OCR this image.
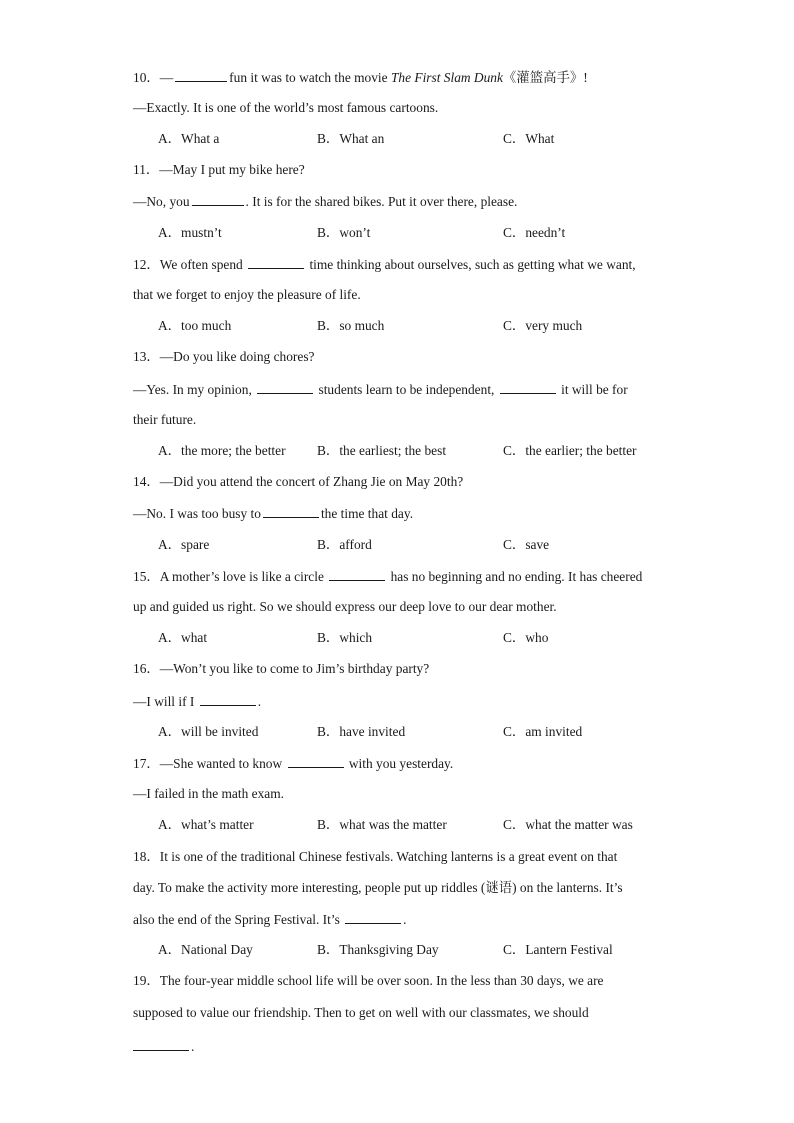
10．—	fun it was to watch the movie The First Slam Dunk《灌篮高手》!
—Exactly. It is one of the world’s most famous cartoons.
A．What a	B．What an	C．What
11．—May I put my bike here?
—No, you	. It is for the shared bikes. Put it over there, please.
A．mustn’t	B．won’t	C．needn’t
12．We often spend	time thinking about ourselves, such as getting what we want,
that we forget to enjoy the pleasure of life.
A．too much	B．so much	C．very much
13．—Do you like doing chores?
—Yes. In my opinion,	students learn to be independent,	it will be for
their future.
A．the more; the better B．the earliest; the best	C．the earlier; the better
14．—Did you attend the concert of Zhang Jie on May 20th?
—No. I was too busy to	the time that day.
A．spare	B．afford	C．save
15．A mother’s love is like a circle	has no beginning and no ending. It has cheered
up and guided us right. So we should express our deep love to our dear mother.
A．what	B．which	C．who
16．—Won’t you like to come to Jim’s birthday party?
—I will if I	.
A．will be invited	B．have invited	C．am invited
17．—She wanted to know	with you yesterday.
—I failed in the math exam.
A．what’s matter	B．what was the matter	C．what the matter was
18．It is one of the traditional Chinese festivals. Watching lanterns is a great event on that
day. To make the activity more interesting, people put up riddles (谜语) on the lanterns. It’s
also the end of the Spring Festival. It’s	.
A．National Day	B．Thanksgiving Day	C．Lantern Festival
19．The four-year middle school life will be over soon. In the less than 30 days, we are
supposed to value our friendship. Then to get on well with our classmates, we should
.
